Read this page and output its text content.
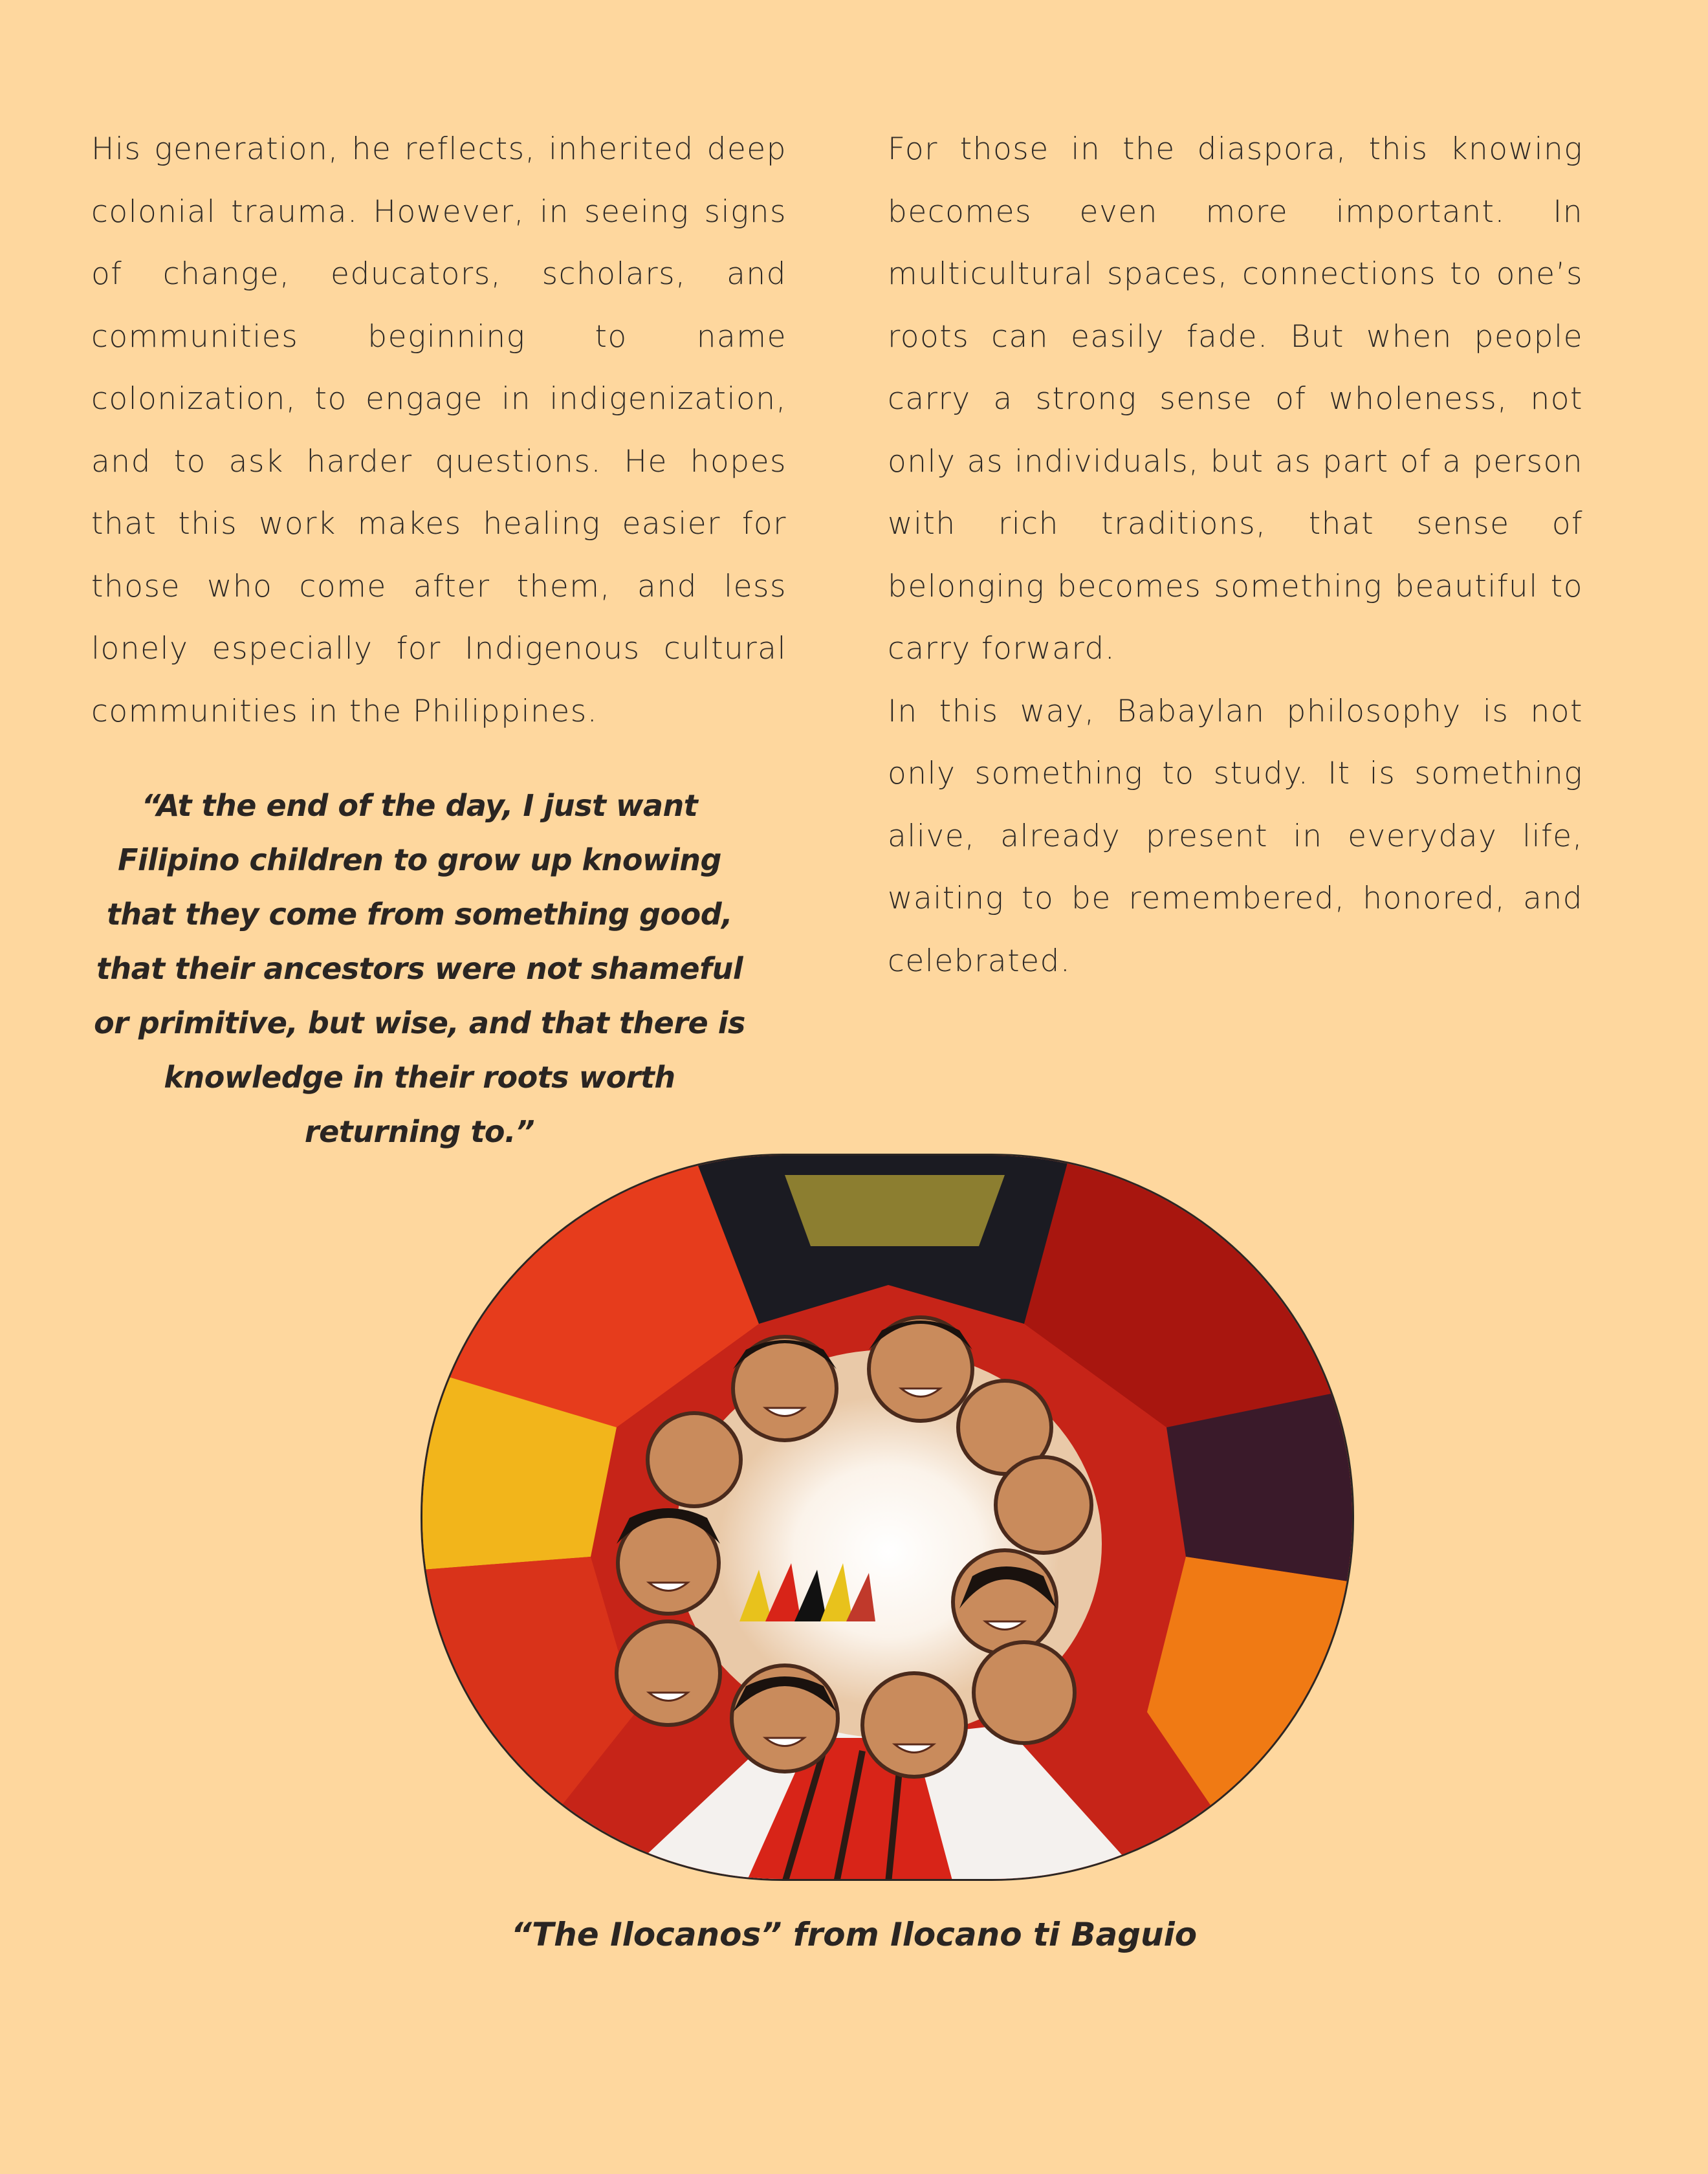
His generation, he reflects, inherited deep colonial trauma. However, in seeing signs of change, educators, scholars, and communities beginning to name colonization, to engage in indigenization, and to ask harder questions. He hopes that this work makes healing easier for those who come after them, and less lonely especially for Indigenous cultural communities in the Philippines.

For those in the diaspora, this knowing becomes even more important. In multicultural spaces, connections to one’s roots can easily fade. But when people carry a strong sense of wholeness, not only as individuals, but as part of a person with rich traditions, that sense of belonging becomes something beautiful to carry forward.

In this way, Babaylan philosophy is not only something to study. It is something alive, already present in everyday life, waiting to be remembered, honored, and celebrated.

“At the end of the day, I just want Filipino children to grow up knowing that they come from something good, that their ancestors were not shameful or primitive, but wise, and that there is knowledge in their roots worth returning to.”
“The Ilocanos” from Ilocano ti Baguio
